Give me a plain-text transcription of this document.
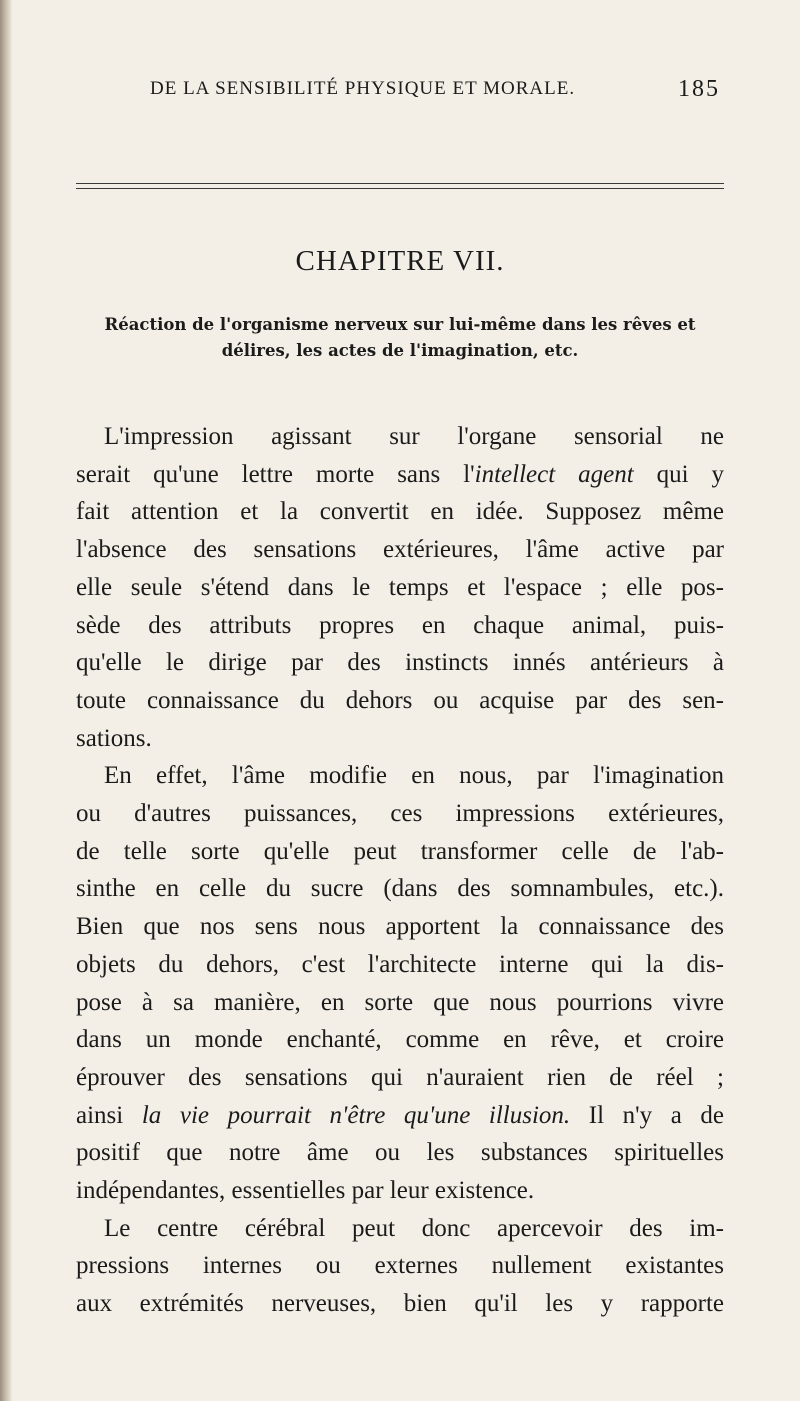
DE LA SENSIBILITÉ PHYSIQUE ET MORALE.	185
CHAPITRE VII.
Réaction de l'organisme nerveux sur lui-même dans les rêves et
délires, les actes de l'imagination, etc.
L'impression agissant sur l'organe sensorial ne
serait qu'une lettre morte sans l'intellect agent qui y
fait attention et la convertit en idée. Supposez même
l'absence des sensations extérieures, l'âme active par
elle seule s'étend dans le temps et l'espace ; elle pos-
sède des attributs propres en chaque animal, puis-
qu'elle le dirige par des instincts innés antérieurs à
toute connaissance du dehors ou acquise par des sen-
sations.
En effet, l'âme modifie en nous, par l'imagination
ou d'autres puissances, ces impressions extérieures,
de telle sorte qu'elle peut transformer celle de l'ab-
sinthe en celle du sucre (dans des somnambules, etc.).
Bien que nos sens nous apportent la connaissance des
objets du dehors, c'est l'architecte interne qui la dis-
pose à sa manière, en sorte que nous pourrions vivre
dans un monde enchanté, comme en rêve, et croire
éprouver des sensations qui n'auraient rien de réel ;
ainsi la vie pourrait n'être qu'une illusion. Il n'y a de
positif que notre âme ou les substances spirituelles
indépendantes, essentielles par leur existence.
Le centre cérébral peut donc apercevoir des im-
pressions internes ou externes nullement existantes
aux extrémités nerveuses, bien qu'il les y rapporte
